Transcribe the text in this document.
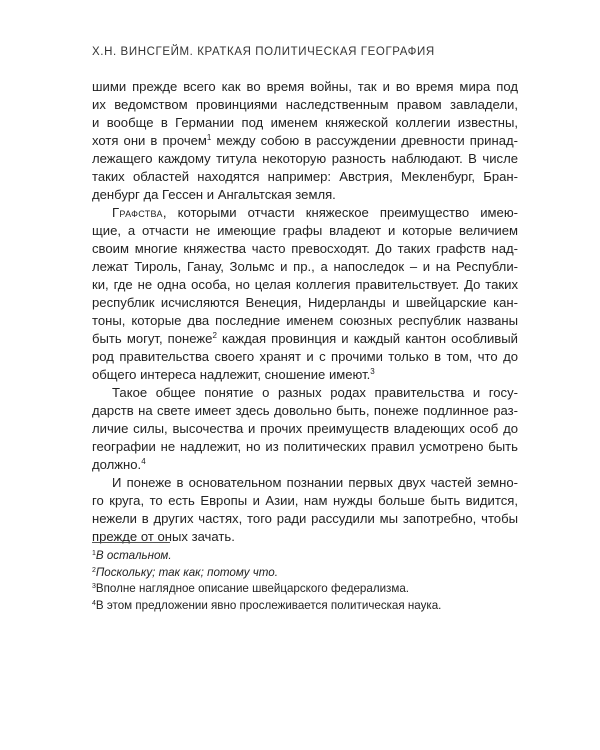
Х.Н. ВИНСГЕЙМ. КРАТКАЯ ПОЛИТИЧЕСКАЯ ГЕОГРАФИЯ

шими прежде всего как во время войны, так и во время мира под
их ведомством провинциями наследственным правом завладели,
и вообще в Германии под именем княжеской коллегии известны,
хотя они в прочем$^1$ между собою в рассуждении древности принад-
лежащего каждому титула некоторую разность наблюдают. В числе
таких областей находятся например: Австрия, Мекленбург, Бран-
денбург да Гессен и Ангальтская земля.

Графства, которыми отчасти княжеское преимущество имею-
щие, а отчасти не имеющие графы владеют и которые величием
своим многие княжества часто превосходят. До таких графств над-
лежат Тироль, Ганау, Зольмс и пр., а напоследок – и на Республи-
ки, где не одна особа, но целая коллегия правительствует. До таких
республик исчисляются Венеция, Нидерланды и швейцарские кан-
тоны, которые два последние именем союзных республик названы
быть могут, понеже$^2$ каждая провинция и каждый кантон особливый
род правительства своего хранят и с прочими только в том, что до
общего интереса надлежит, сношение имеют.$^3$

Такое общее понятие о разных родах правительства и госу-
дарств на свете имеет здесь довольно быть, понеже подлинное раз-
личие силы, высочества и прочих преимуществ владеющих особ до
географии не надлежит, но из политических правил усмотрено быть
должно.$^4$

И понеже в основательном познании первых двух частей земно-
го круга, то есть Европы и Азии, нам нужды больше быть видится,
нежели в других частях, того ради рассудили мы запотребно, чтобы
прежде от оных зачать.

$^1$В остальном.
$^2$Поскольку; так как; потому что.
$^3$Вполне наглядное описание швейцарского федерализма.
$^4$В этом предложении явно прослеживается политическая наука.
